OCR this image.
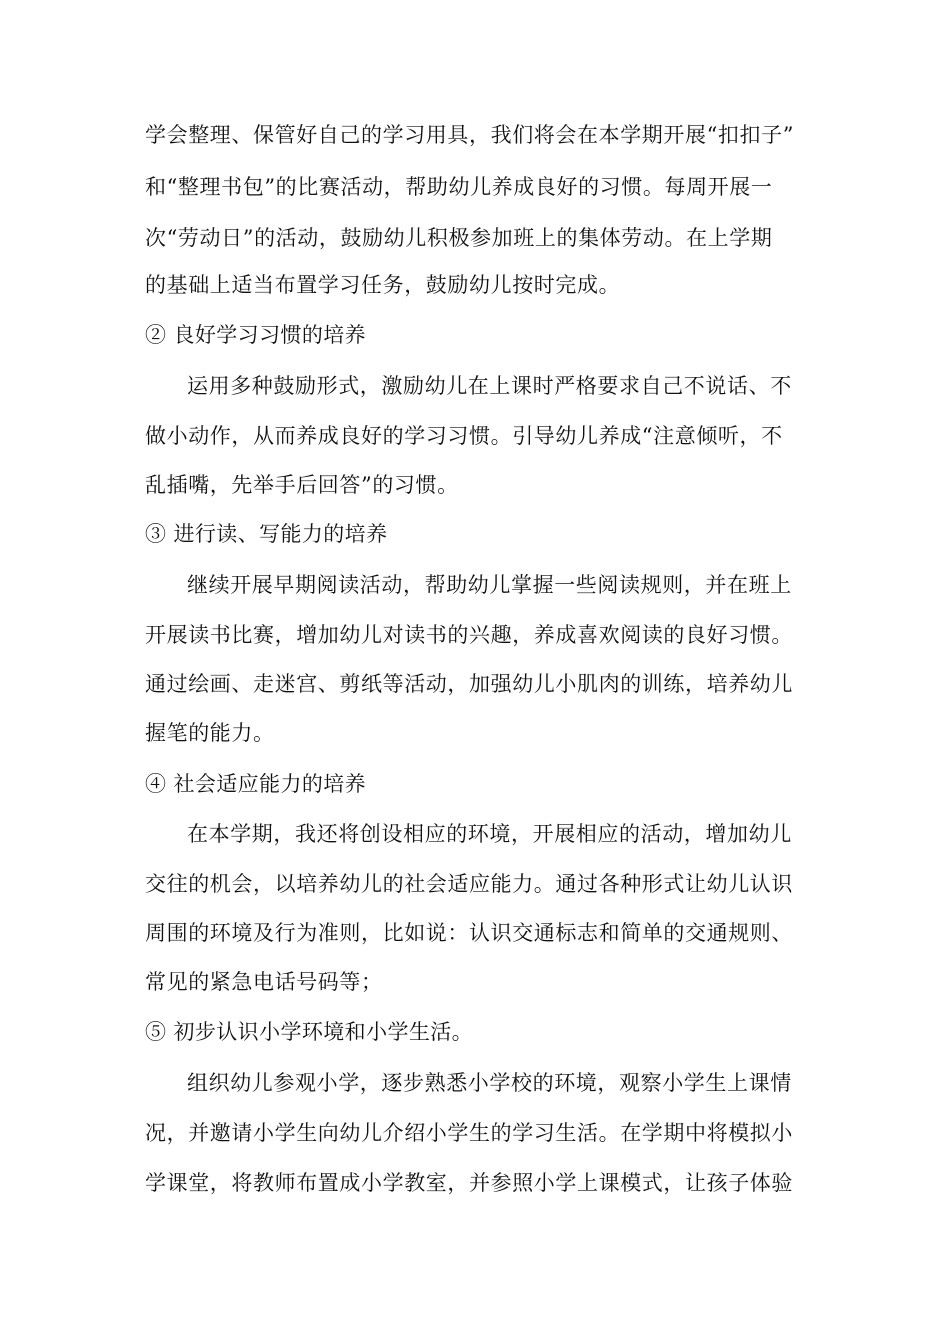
学会整理、保管好自己的学习用具，我们将会在本学期开展“扣扣子”
和“整理书包”的比赛活动，帮助幼儿养成良好的习惯。每周开展一
次“劳动日”的活动，鼓励幼儿积极参加班上的集体劳动。在上学期
的基础上适当布置学习任务，鼓励幼儿按时完成。
② 良好学习习惯的培养
运用多种鼓励形式，激励幼儿在上课时严格要求自己不说话、不
做小动作，从而养成良好的学习习惯。引导幼儿养成“注意倾听，不
乱插嘴，先举手后回答”的习惯。
③ 进行读、写能力的培养
继续开展早期阅读活动，帮助幼儿掌握一些阅读规则，并在班上
开展读书比赛，增加幼儿对读书的兴趣，养成喜欢阅读的良好习惯。
通过绘画、走迷宫、剪纸等活动，加强幼儿小肌肉的训练，培养幼儿
握笔的能力。
④ 社会适应能力的培养
在本学期，我还将创设相应的环境，开展相应的活动，增加幼儿
交往的机会，以培养幼儿的社会适应能力。通过各种形式让幼儿认识
周围的环境及行为准则，比如说：认识交通标志和简单的交通规则、
常见的紧急电话号码等；
⑤ 初步认识小学环境和小学生活。
组织幼儿参观小学，逐步熟悉小学校的环境，观察小学生上课情
况，并邀请小学生向幼儿介绍小学生的学习生活。在学期中将模拟小
学课堂，将教师布置成小学教室，并参照小学上课模式，让孩子体验
